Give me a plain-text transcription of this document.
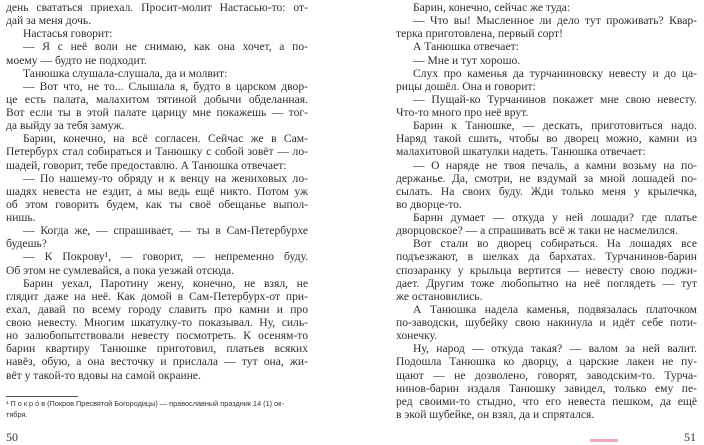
день свататься приехал. Просит-молит Настасью-то: от-
дай за меня дочь.
Настасья говорит:
— Я с неё воли не снимаю, как она хочет, а по-
моему — будто не подходит.
Танюшка слушала-слушала, да и молвит:
— Вот что, не то... Слышала я, будто в царском двор-
це есть палата, малахитом тятиной добычи обделанная.
Вот если ты в этой палате царицу мне покажешь — тог-
да выйду за тебя замуж.
Барин, конечно, на всё согласен. Сейчас же в Сам-
Петербурх стал собираться и Танюшку с собой зовёт — ло-
шадей, говорит, тебе предоставлю. А Танюшка отвечает:
— По нашему-то обряду и к венцу на жениховых ло-
шадях невеста не ездит, а мы ведь ещё никто. Потом уж
об этом говорить будем, как ты своё обещанье выпол-
нишь.
— Когда же, — спрашивает, — ты в Сам-Петербурхе
будешь?
— К Покрову¹, — говорит, — непременно буду.
Об этом не сумлевайся, а пока уезжай отсюда.
Барин уехал, Паротину жену, конечно, не взял, не
глядит даже на неё. Как домой в Сам-Петербурх-от при-
ехал, давай по всему городу славить про камни и про
свою невесту. Многим шкатулку-то показывал. Ну, силь-
но залюбопытствовали невесту посмотреть. К осеням-то
барин квартиру Танюшке приготовил, платьев всяких
навёз, обую, а она весточку и прислала — тут она, жи-
вёт у такой-то вдовы на самой окраине.
¹ П о к р о́ в (Покров Пресвятой Богородицы) — православный праздник 14 (1) ок-
тября.
50
Барин, конечно, сейчас же туда:
— Что вы! Мысленное ли дело тут проживать? Квар-
терка приготовлена, первый сорт!
А Танюшка отвечает:
— Мне и тут хорошо.
Слух про каменья да турчаниновску невесту и до ца-
рицы дошёл. Она и говорит:
— Пущай-ко Турчанинов покажет мне свою невесту.
Что-то много про неё врут.
Барин к Танюшке, — дескать, приготовиться надо.
Наряд такой сшить, чтобы во дворец можно, камни из
малахитовой шкатулки надеть. Танюшка отвечает:
— О наряде не твоя печаль, а камни возьму на по-
держанье. Да, смотри, не вздумай за мной лошадей по-
сылать. На своих буду. Жди только меня у крылечка,
во дворце-то.
Барин думает — откуда у ней лошади? где платье
дворцовское? — а спрашивать всё ж таки не насмелился.
Вот стали во дворец собираться. На лошадях все
подъезжают, в шелках да бархатах. Турчанинов-барин
спозаранку у крыльца вертится — невесту свою поджи-
дает. Другим тоже любопытно на неё поглядеть — тут
же остановились.
А Танюшка надела каменья, подвязалась платочком
по-заводски, шубейку свою накинула и идёт себе поти-
хонечку.
Ну, народ — откуда такая? — валом за ней валит.
Подошла Танюшка ко дворцу, а царские лакеи не пу-
щают — не дозволено, говорят, заводским-то. Турча-
нинов-барин издаля Танюшку завидел, только ему пе-
ред своими-то стыдно, что его невеста пешком, да ещё
в экой шубейке, он взял, да и спрятался.
51
